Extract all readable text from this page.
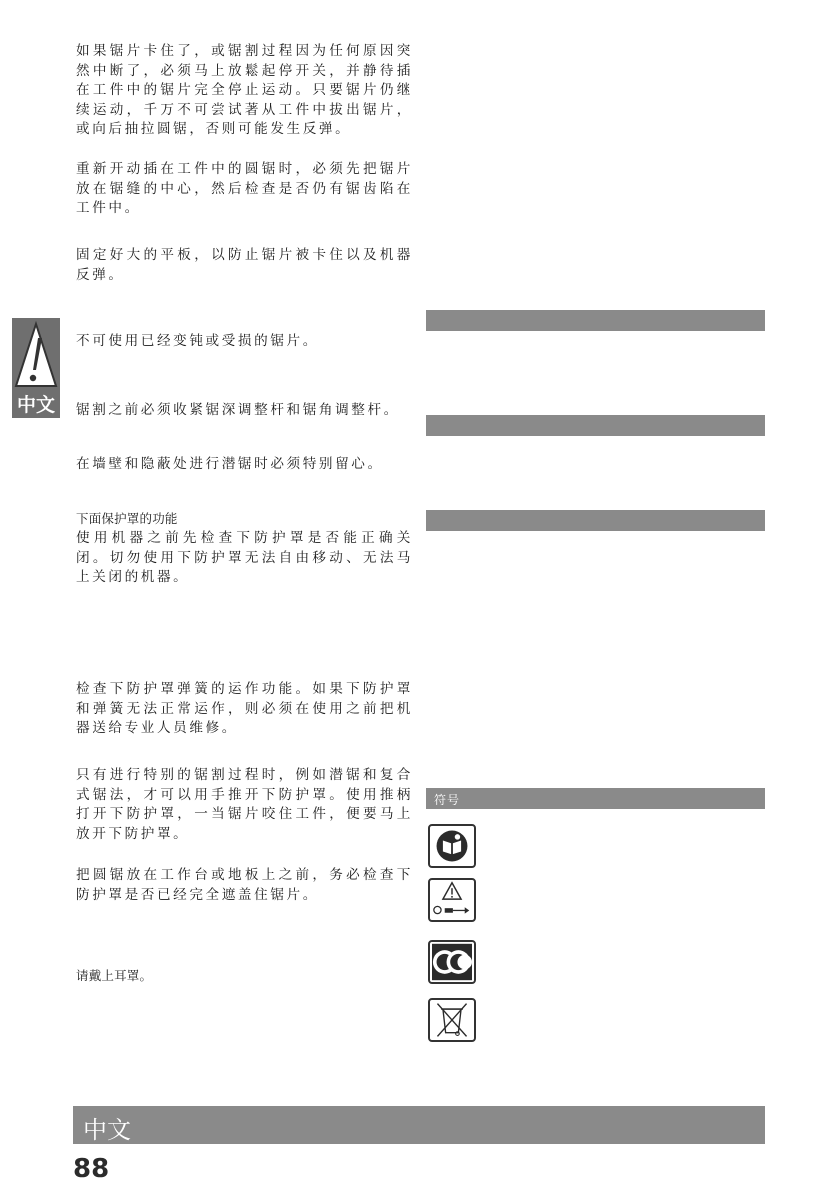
中文

如果锯片卡住了，或锯割过程因为任何原因突然中断了，必须马上放鬆起停开关，并静待插在工件中的锯片完全停止运动。只要锯片仍继续运动，千万不可尝试著从工件中拔出锯片，或向后抽拉圆锯，否则可能发生反弹。

重新开动插在工件中的圆锯时，必须先把锯片放在锯缝的中心，然后检查是否仍有锯齿陷在工件中。

固定好大的平板，以防止锯片被卡住以及机器反弹。

不可使用已经变钝或受损的锯片。

锯割之前必须收紧锯深调整杆和锯角调整杆。

在墙壁和隐蔽处进行潜锯时必须特别留心。

下面保护罩的功能

使用机器之前先检查下防护罩是否能正确关闭。切勿使用下防护罩无法自由移动、无法马上关闭的机器。

检查下防护罩弹簧的运作功能。如果下防护罩和弹簧无法正常运作，则必须在使用之前把机器送给专业人员维修。

只有进行特别的锯割过程时，例如潜锯和复合式锯法，才可以用手推开下防护罩。使用推柄打开下防护罩，一当锯片咬住工件，便要马上放开下防护罩。

把圆锯放在工作台或地板上之前，务必检查下防护罩是否已经完全遮盖住锯片。

请戴上耳罩。

符号
中文
88
